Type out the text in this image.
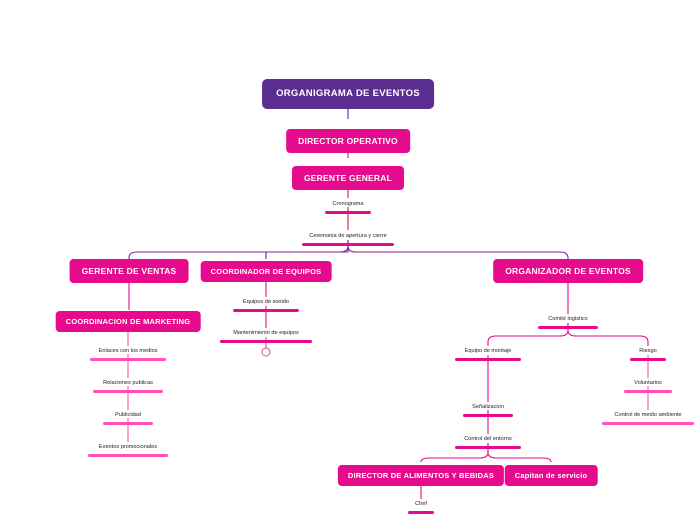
ORGANIGRAMA DE EVENTOS
DIRECTOR OPERATIVO
GERENTE GENERAL
Cronograma
Ceremonia de apertura y cierre
GERENTE DE VENTAS	COORDINADOR DE EQUIPOS	ORGANIZADOR DE EVENTOS
COORDINACION DE MARKETING
Enlaces con los medios
Relaciones publicas
Publicidad
Eventos promocionales
Equipos de sonido
Mantenimiento de equipos
Comité logistico
Equipo de montaje	Riesgo
Voluntarios
Señalizacion
Control de medio ambiente
Control del entorno
DIRECTOR DE ALIMENTOS Y BEBIDAS	Capitan de servicio
Chef
